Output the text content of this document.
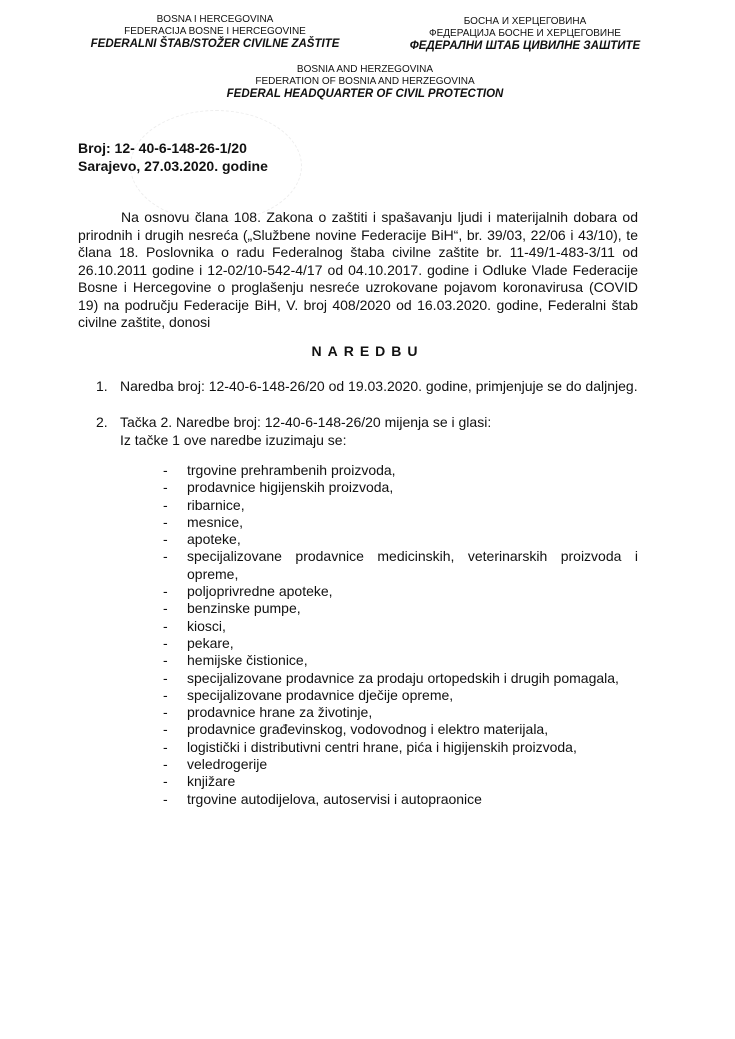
BOSNA I HERCEGOVINA
FEDERACIJA BOSNE I HERCEGOVINE
FEDERALNI ŠTAB/STOŽER CIVILNE ZAŠTITE
БОСНА И ХЕРЦЕГОВИНА
ФЕДЕРАЦИЈА БОСНЕ И ХЕРЦЕГОВИНЕ
ФЕДЕРАЛНИ ШТАБ ЦИВИЛНЕ ЗАШТИТЕ
BOSNIA AND HERZEGOVINA
FEDERATION OF BOSNIA AND HERZEGOVINA
FEDERAL HEADQUARTER OF CIVIL PROTECTION
Broj: 12- 40-6-148-26-1/20
Sarajevo, 27.03.2020. godine

Na osnovu člana 108. Zakona o zaštiti i spašavanju ljudi i materijalnih dobara od prirodnih i drugih nesreća („Službene novine Federacije BiH“, br. 39/03, 22/06 i 43/10), te člana 18. Poslovnika o radu Federalnog štaba civilne zaštite br. 11-49/1-483-3/11 od 26.10.2011 godine i 12-02/10-542-4/17 od 04.10.2017. godine i Odluke Vlade Federacije Bosne i Hercegovine o proglašenju nesreće uzrokovane pojavom koronavirusa (COVID 19) na području Federacije BiH, V. broj 408/2020 od 16.03.2020. godine, Federalni štab civilne zaštite, donosi

NAREDBU
1. Naredba broj: 12-40-6-148-26/20 od 19.03.2020. godine, primjenjuje se do daljnjeg.
2. Tačka 2. Naredbe broj: 12-40-6-148-26/20 mijenja se i glasi:
Iz tačke 1 ove naredbe izuzimaju se:
- trgovine prehrambenih proizvoda,
- prodavnice higijenskih proizvoda,
- ribarnice,
- mesnice,
- apoteke,
- specijalizovane prodavnice medicinskih, veterinarskih proizvoda i opreme,
- poljoprivredne apoteke,
- benzinske pumpe,
- kiosci,
- pekare,
- hemijske čistionice,
- specijalizovane prodavnice za prodaju ortopedskih i drugih pomagala,
- specijalizovane prodavnice dječije opreme,
- prodavnice hrane za životinje,
- prodavnice građevinskog, vodovodnog i elektro materijala,
- logistički i distributivni centri hrane, pića i higijenskih proizvoda,
- veledrogerije
- knjižare
- trgovine autodijelova, autoservisi i autopraonice
